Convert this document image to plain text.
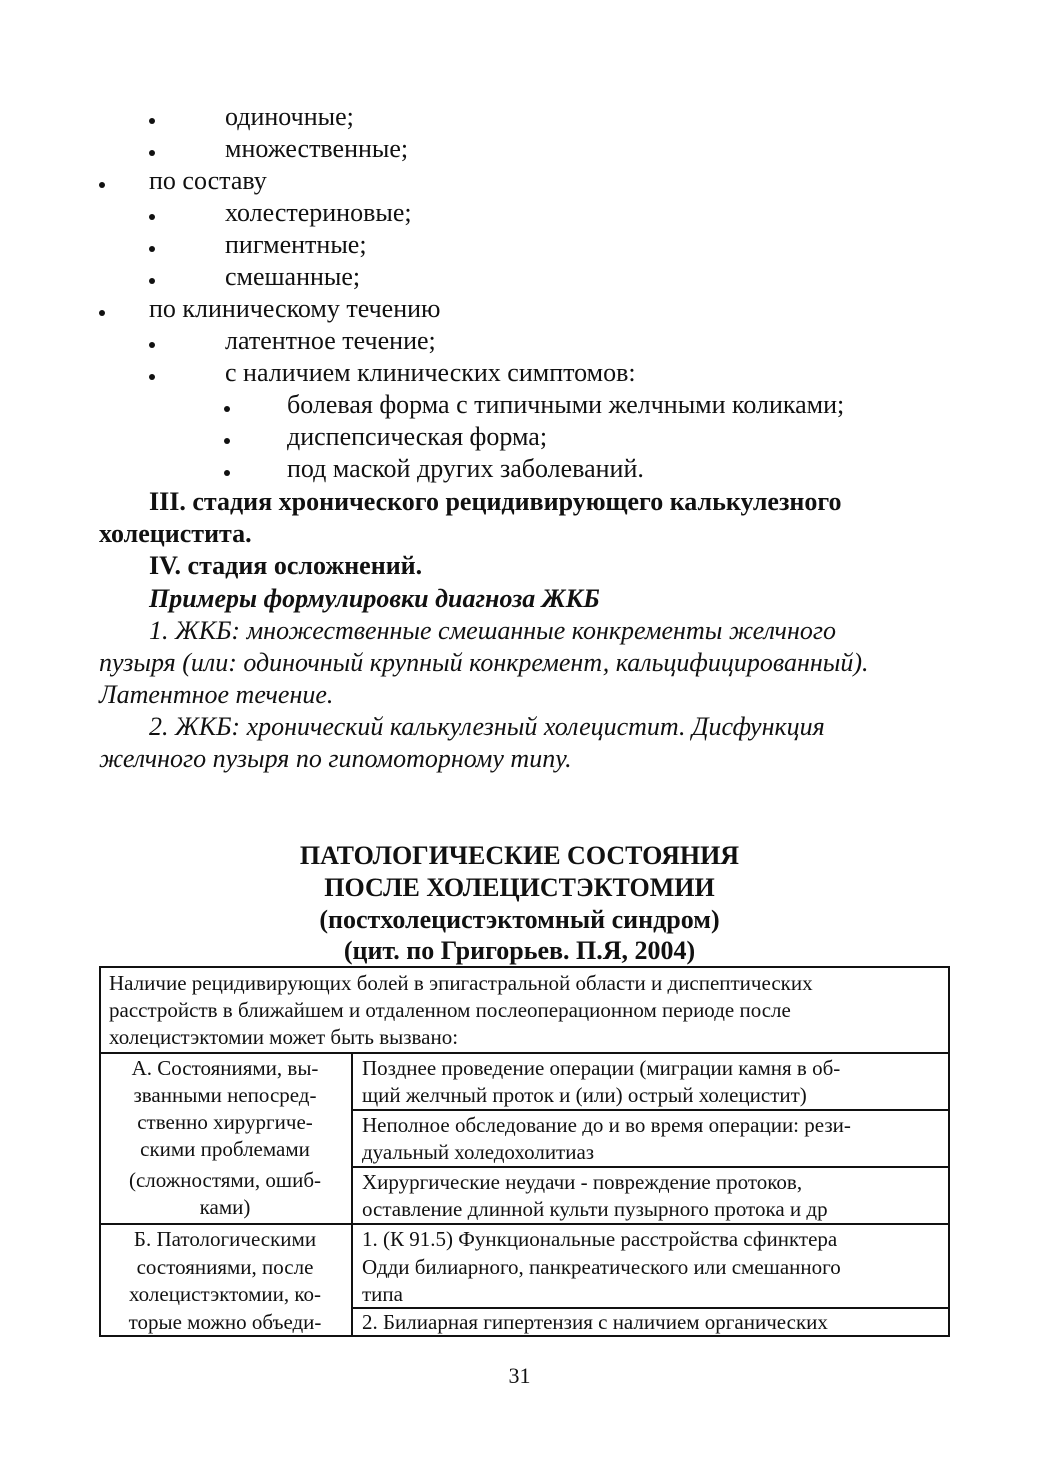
одиночные;
множественные;
по составу
холестериновые;
пигментные;
смешанные;
по клиническому течению
латентное течение;
с наличием клинических симптомов:
болевая форма с типичными желчными коликами;
диспепсическая форма;
под маской других заболеваний.
III. стадия хронического рецидивирующего калькулезного
холецистита.
IV. стадия осложнений.
Примеры формулировки диагноза ЖКБ
1. ЖКБ: множественные смешанные конкременты желчного
пузыря (или: одиночный крупный конкремент, кальцифицированный).
Латентное течение.
2. ЖКБ: хронический калькулезный холецистит. Дисфункция
желчного пузыря по гипомоторному типу.
ПАТОЛОГИЧЕСКИЕ СОСТОЯНИЯ
ПОСЛЕ ХОЛЕЦИСТЭКТОМИИ
(постхолецистэктомный синдром)
(цит. по Григорьев. П.Я, 2004)
Наличие рецидивирующих болей в эпигастральной области и диспептических
расстройств в ближайшем и отдаленном послеоперационном периоде после
холецистэктомии может быть вызвано:
А. Состояниями, вы-
званными непосред-
ственно хирургиче-
скими проблемами
(сложностями, ошиб-
ками)
Позднее проведение операции (миграции камня в об-
щий желчный проток и (или) острый холецистит)
Неполное обследование до и во время операции: рези-
дуальный холедохолитиаз
Хирургические неудачи - повреждение протоков,
оставление длинной культи пузырного протока и др
Б. Патологическими
состояниями, после
холецистэктомии, ко-
торые можно объеди-
1. (К 91.5) Функциональные расстройства сфинктера
Одди билиарного, панкреатического или смешанного
типа
2. Билиарная гипертензия с наличием органических
31
